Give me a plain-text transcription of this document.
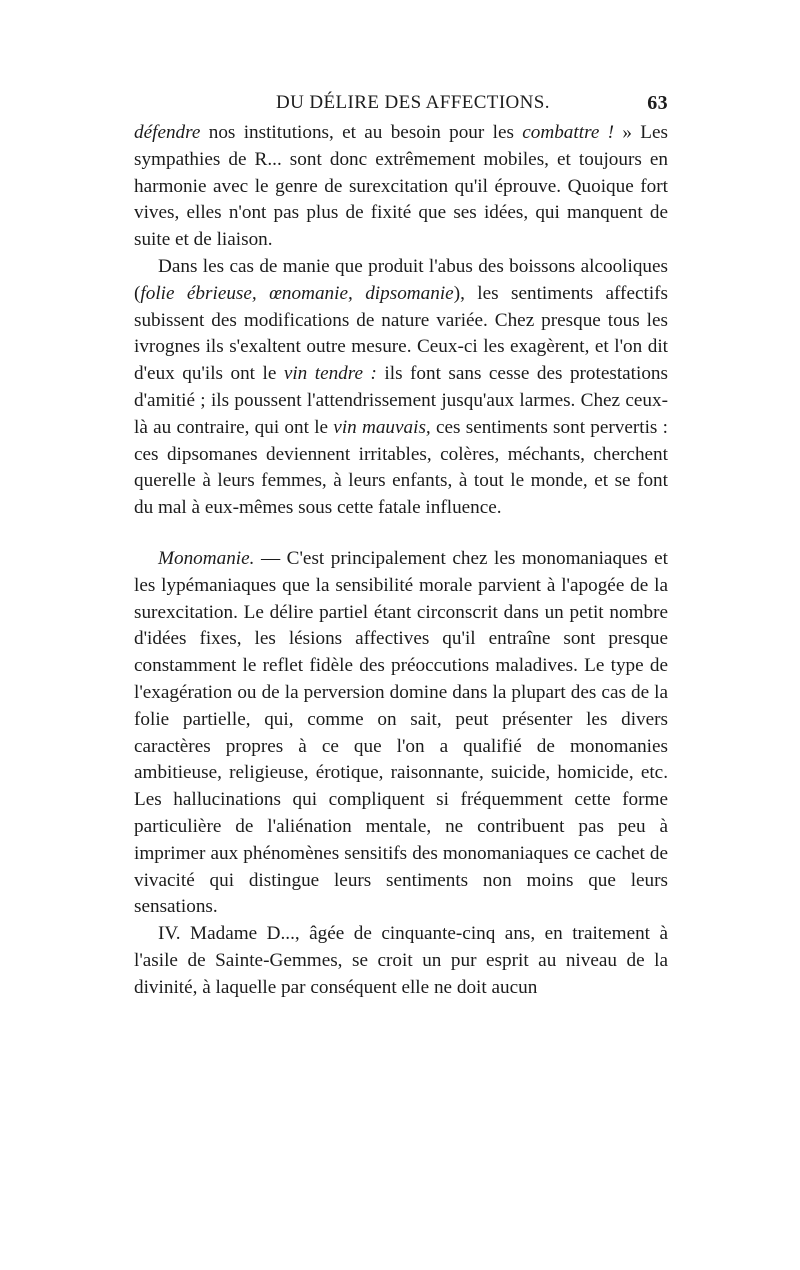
DU DÉLIRE DES AFFECTIONS.	63

défendre nos institutions, et au besoin pour les combattre ! » Les sympathies de R... sont donc extrêmement mobiles, et toujours en harmonie avec le genre de surexcitation qu'il éprouve. Quoique fort vives, elles n'ont pas plus de fixité que ses idées, qui manquent de suite et de liaison.

Dans les cas de manie que produit l'abus des boissons alcooliques (folie ébrieuse, œnomanie, dipsomanie), les sentiments affectifs subissent des modifications de nature variée. Chez presque tous les ivrognes ils s'exaltent outre mesure. Ceux-ci les exagèrent, et l'on dit d'eux qu'ils ont le vin tendre : ils font sans cesse des protestations d'amitié ; ils poussent l'attendrissement jusqu'aux larmes. Chez ceux-là au contraire, qui ont le vin mauvais, ces sentiments sont pervertis : ces dipsomanes deviennent irritables, colères, méchants, cherchent querelle à leurs femmes, à leurs enfants, à tout le monde, et se font du mal à eux-mêmes sous cette fatale influence.

Monomanie. — C'est principalement chez les monomaniaques et les lypémaniaques que la sensibilité morale parvient à l'apogée de la surexcitation. Le délire partiel étant circonscrit dans un petit nombre d'idées fixes, les lésions affectives qu'il entraîne sont presque constamment le reflet fidèle des préoccutions maladives. Le type de l'exagération ou de la perversion domine dans la plupart des cas de la folie partielle, qui, comme on sait, peut présenter les divers caractères propres à ce que l'on a qualifié de monomanies ambitieuse, religieuse, érotique, raisonnante, suicide, homicide, etc. Les hallucinations qui compliquent si fréquemment cette forme particulière de l'aliénation mentale, ne contribuent pas peu à imprimer aux phénomènes sensitifs des monomaniaques ce cachet de vivacité qui distingue leurs sentiments non moins que leurs sensations.

IV. Madame D..., âgée de cinquante-cinq ans, en traitement à l'asile de Sainte-Gemmes, se croit un pur esprit au niveau de la divinité, à laquelle par conséquent elle ne doit aucun
